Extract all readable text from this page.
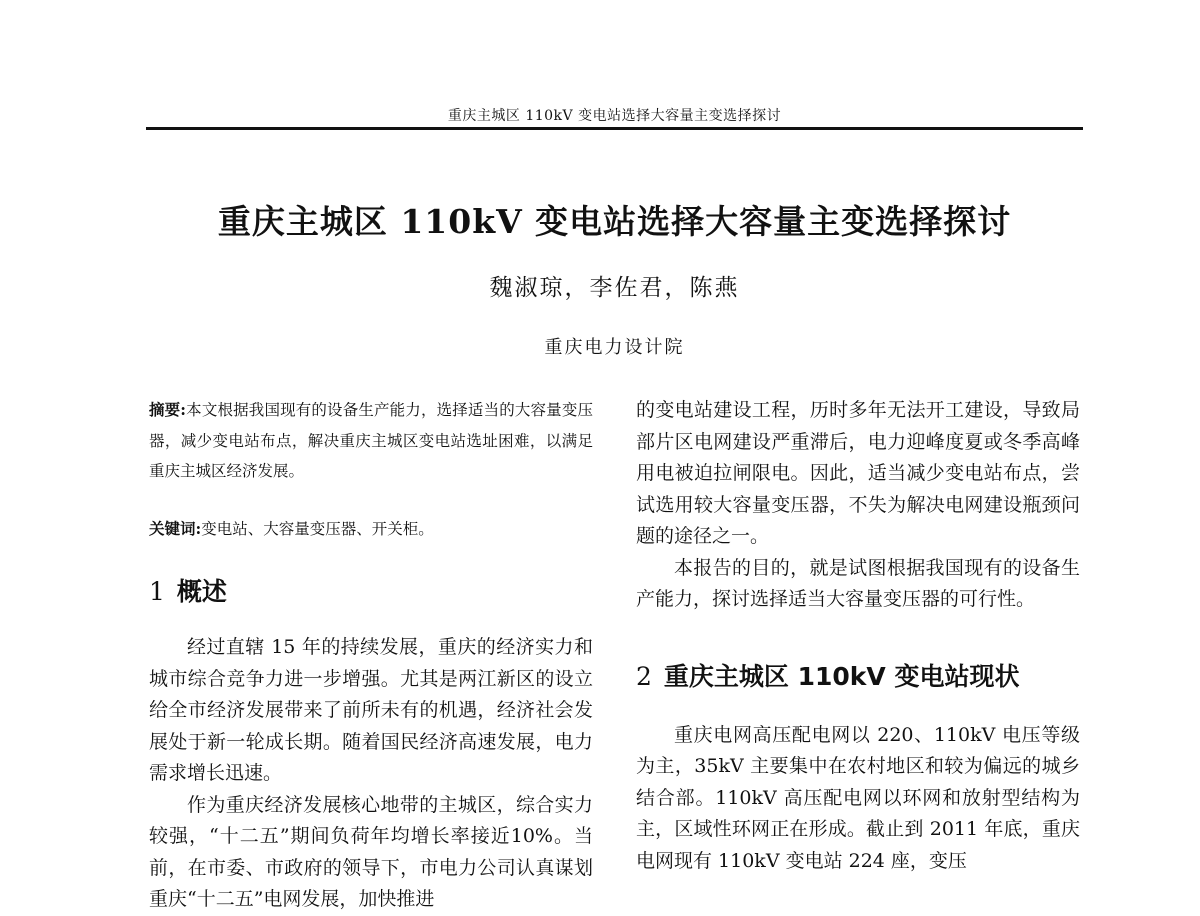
重庆主城区 110kV 变电站选择大容量主变选择探讨
重庆主城区 110kV 变电站选择大容量主变选择探讨
魏淑琼，李佐君，陈燕
重庆电力设计院

摘要:本文根据我国现有的设备生产能力，选择适当的大容量变压器，减少变电站布点，解决重庆主城区变电站选址困难，以满足重庆主城区经济发展。

关键词:变电站、大容量变压器、开关柜。

1 概述

经过直辖 15 年的持续发展，重庆的经济实力和城市综合竞争力进一步增强。尤其是两江新区的设立给全市经济发展带来了前所未有的机遇，经济社会发展处于新一轮成长期。随着国民经济高速发展，电力需求增长迅速。

作为重庆经济发展核心地带的主城区，综合实力较强，“十二五”期间负荷年均增长率接近10%。当前，在市委、市政府的领导下，市电力公司认真谋划重庆“十二五”电网发展，加快推进

的变电站建设工程，历时多年无法开工建设，导致局部片区电网建设严重滞后，电力迎峰度夏或冬季高峰用电被迫拉闸限电。因此，适当减少变电站布点，尝试选用较大容量变压器，不失为解决电网建设瓶颈问题的途径之一。

本报告的目的，就是试图根据我国现有的设备生产能力，探讨选择适当大容量变压器的可行性。

2 重庆主城区 110kV 变电站现状

重庆电网高压配电网以 220、110kV 电压等级为主，35kV 主要集中在农村地区和较为偏远的城乡结合部。110kV 高压配电网以环网和放射型结构为主，区域性环网正在形成。截止到 2011 年底，重庆电网现有 110kV 变电站 224 座，变压
